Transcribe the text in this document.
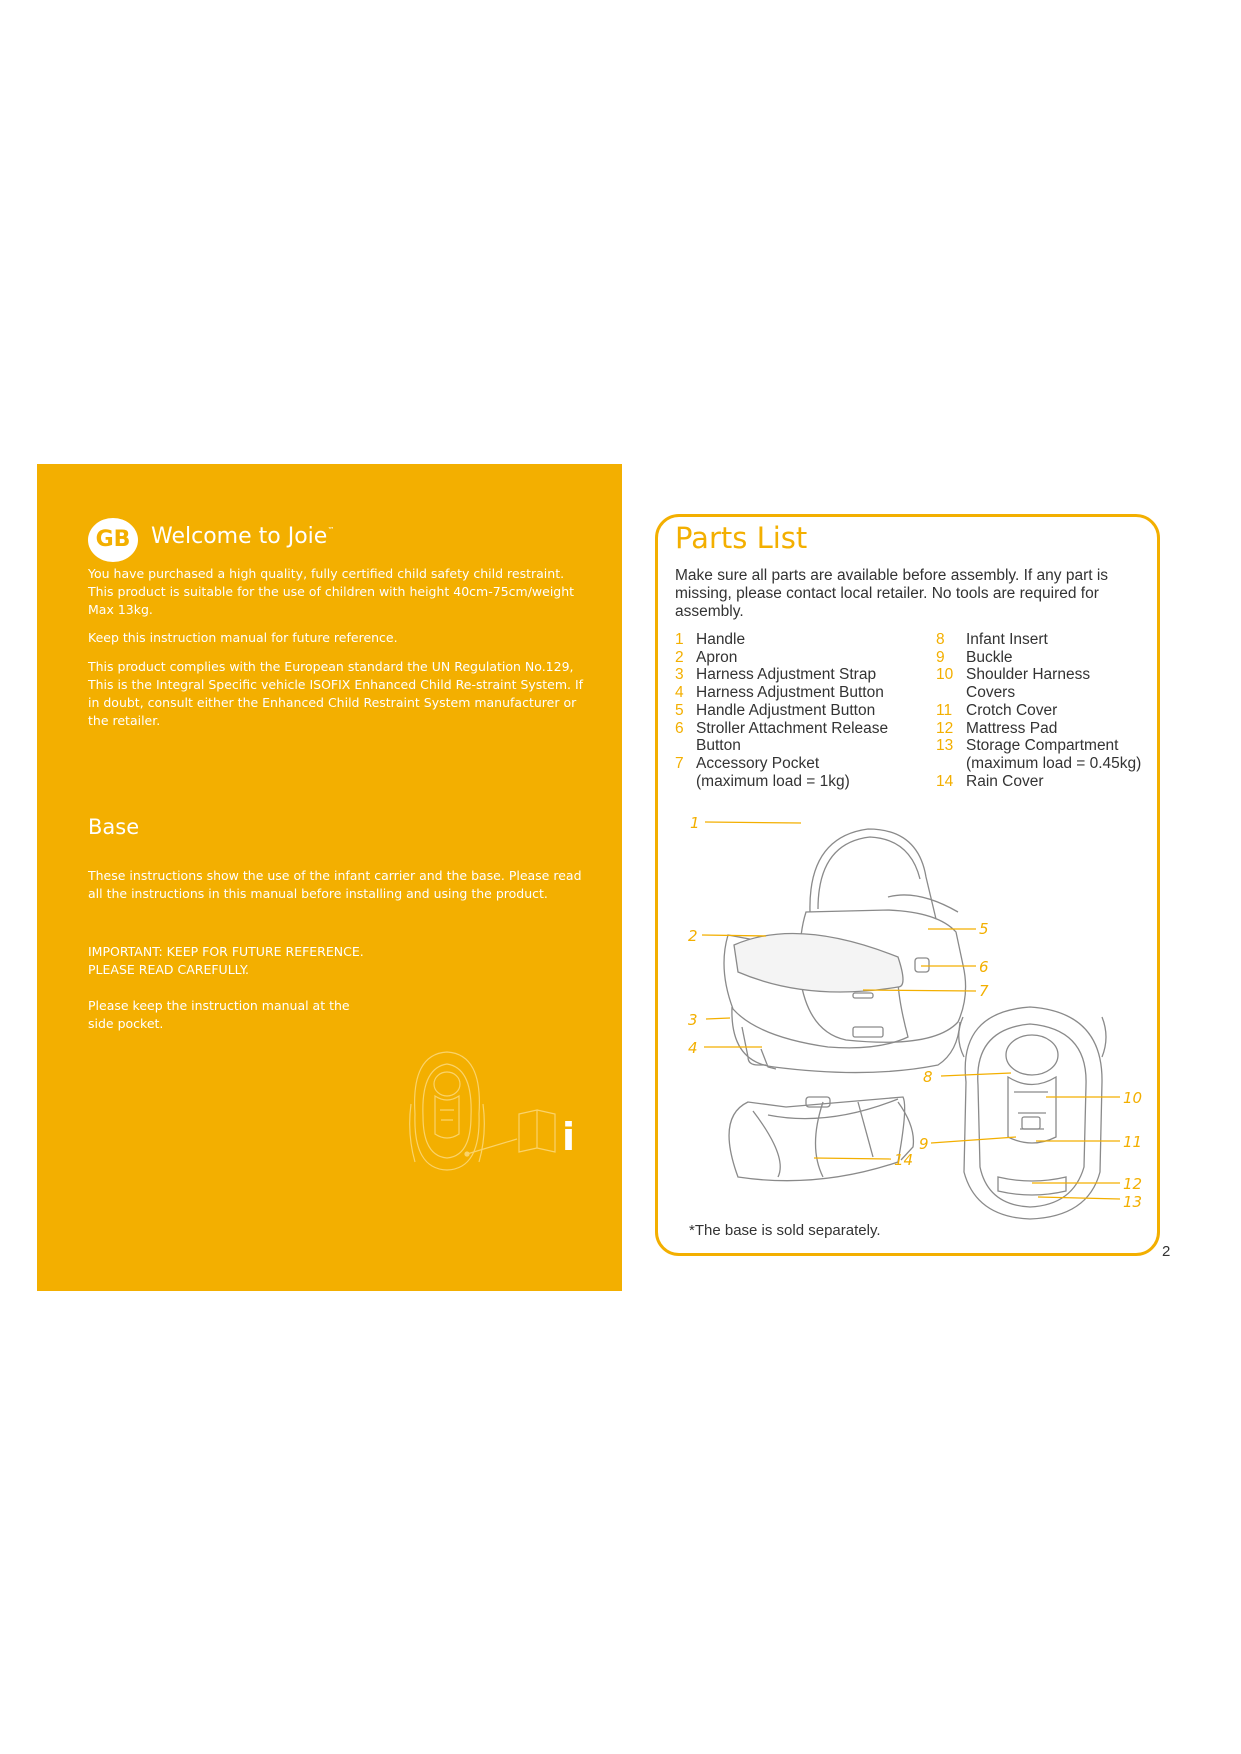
GB Welcome to Joie™

You have purchased a high quality, fully certified child safety child restraint. This product is suitable for the use of children with height 40cm-75cm/weight Max 13kg.

Keep this instruction manual for future reference.

This product complies with the European standard the UN Regulation No.129, This is the Integral Specific vehicle ISOFIX Enhanced Child Re-straint System. If in doubt, consult either the Enhanced Child Restraint System manufacturer or the retailer.

Base

These instructions show the use of the infant carrier and the base. Please read all the instructions in this manual before installing and using the product.

IMPORTANT: KEEP FOR FUTURE REFERENCE.
PLEASE READ CAREFULLY.

Please keep the instruction manual at the
side pocket.

i
Parts List

Make sure all parts are available before assembly. If any part is missing, please contact local retailer. No tools are required for assembly.

1 Handle
2 Apron
3 Harness Adjustment Strap
4 Harness Adjustment Button
5 Handle Adjustment Button
6 Stroller Attachment Release
Button
7 Accessory Pocket
(maximum load = 1kg)
8	Infant Insert
9	Buckle
10 Shoulder Harness
Covers
11 Crotch Cover
12 Mattress Pad
13 Storage Compartment
(maximum load = 0.45kg)
14 Rain Cover
1
2
3
4
5
6
7
8
9
10
11
12
13
14
*The base is sold separately.
2
